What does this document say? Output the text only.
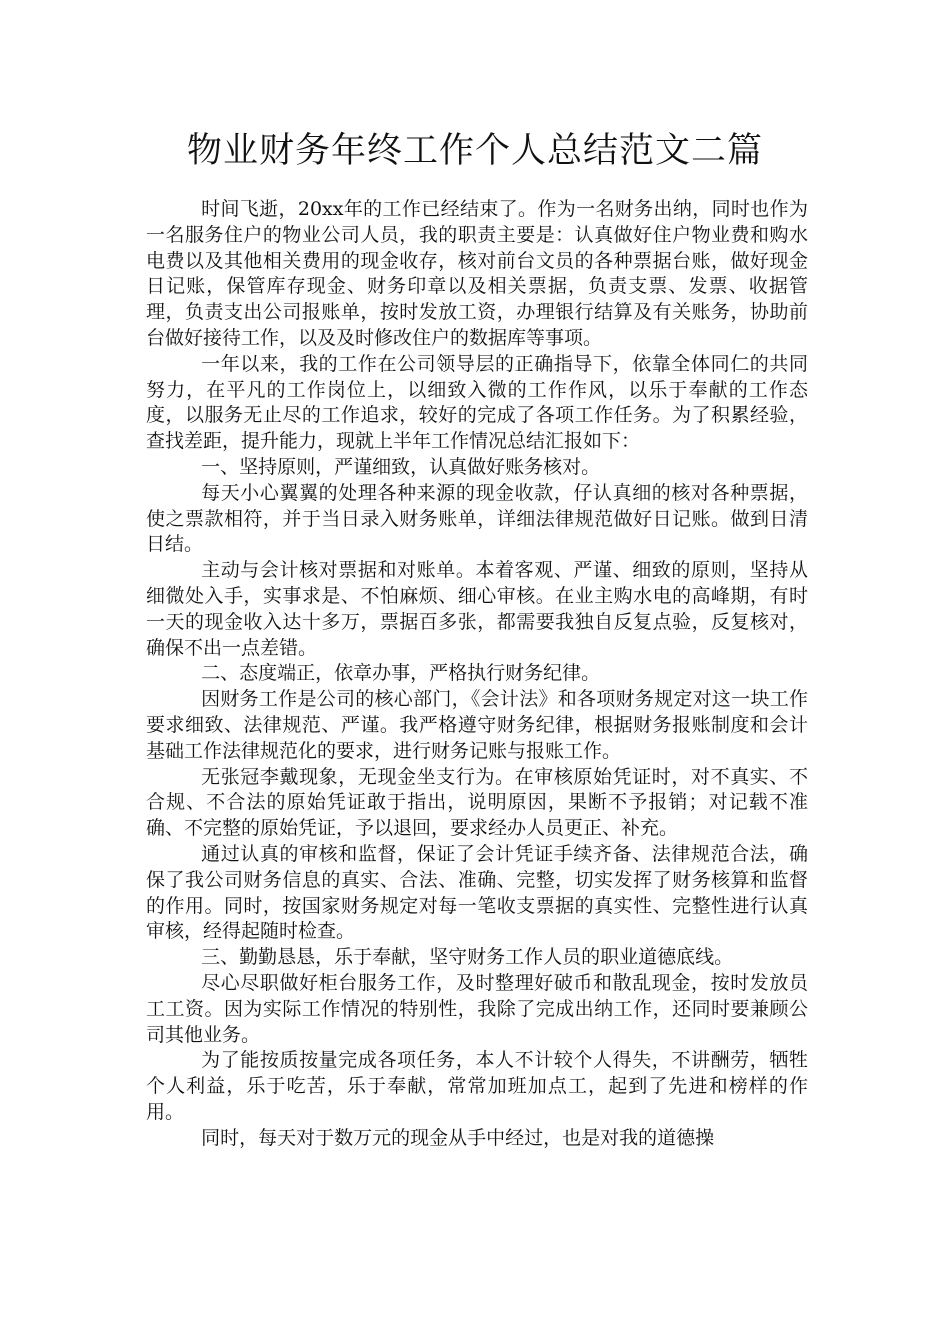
物业财务年终工作个人总结范文二篇

时间飞逝，20xx年的工作已经结束了。作为一名财务出纳，同时也作为一名服务住户的物业公司人员，我的职责主要是：认真做好住户物业费和购水电费以及其他相关费用的现金收存，核对前台文员的各种票据台账，做好现金日记账，保管库存现金、财务印章以及相关票据，负责支票、发票、收据管理，负责支出公司报账单，按时发放工资，办理银行结算及有关账务，协助前台做好接待工作，以及及时修改住户的数据库等事项。

一年以来，我的工作在公司领导层的正确指导下，依靠全体同仁的共同努力，在平凡的工作岗位上，以细致入微的工作作风，以乐于奉献的工作态度，以服务无止尽的工作追求，较好的完成了各项工作任务。为了积累经验，查找差距，提升能力，现就上半年工作情况总结汇报如下：

一、坚持原则，严谨细致，认真做好账务核对。

每天小心翼翼的处理各种来源的现金收款，仔认真细的核对各种票据，使之票款相符，并于当日录入财务账单，详细法律规范做好日记账。做到日清日结。

主动与会计核对票据和对账单。本着客观、严谨、细致的原则，坚持从细微处入手，实事求是、不怕麻烦、细心审核。在业主购水电的高峰期，有时一天的现金收入达十多万，票据百多张，都需要我独自反复点验，反复核对，确保不出一点差错。

二、态度端正，依章办事，严格执行财务纪律。

因财务工作是公司的核心部门，《会计法》和各项财务规定对这一块工作要求细致、法律规范、严谨。我严格遵守财务纪律，根据财务报账制度和会计基础工作法律规范化的要求，进行财务记账与报账工作。

无张冠李戴现象，无现金坐支行为。在审核原始凭证时，对不真实、不合规、不合法的原始凭证敢于指出，说明原因，果断不予报销；对记载不准确、不完整的原始凭证，予以退回，要求经办人员更正、补充。

通过认真的审核和监督，保证了会计凭证手续齐备、法律规范合法，确保了我公司财务信息的真实、合法、准确、完整，切实发挥了财务核算和监督的作用。同时，按国家财务规定对每一笔收支票据的真实性、完整性进行认真审核，经得起随时检查。

三、勤勤恳恳，乐于奉献，坚守财务工作人员的职业道德底线。

尽心尽职做好柜台服务工作，及时整理好破币和散乱现金，按时发放员工工资。因为实际工作情况的特别性，我除了完成出纳工作，还同时要兼顾公司其他业务。

为了能按质按量完成各项任务，本人不计较个人得失，不讲酬劳，牺牲个人利益，乐于吃苦，乐于奉献，常常加班加点工，起到了先进和榜样的作用。

同时，每天对于数万元的现金从手中经过，也是对我的道德操
